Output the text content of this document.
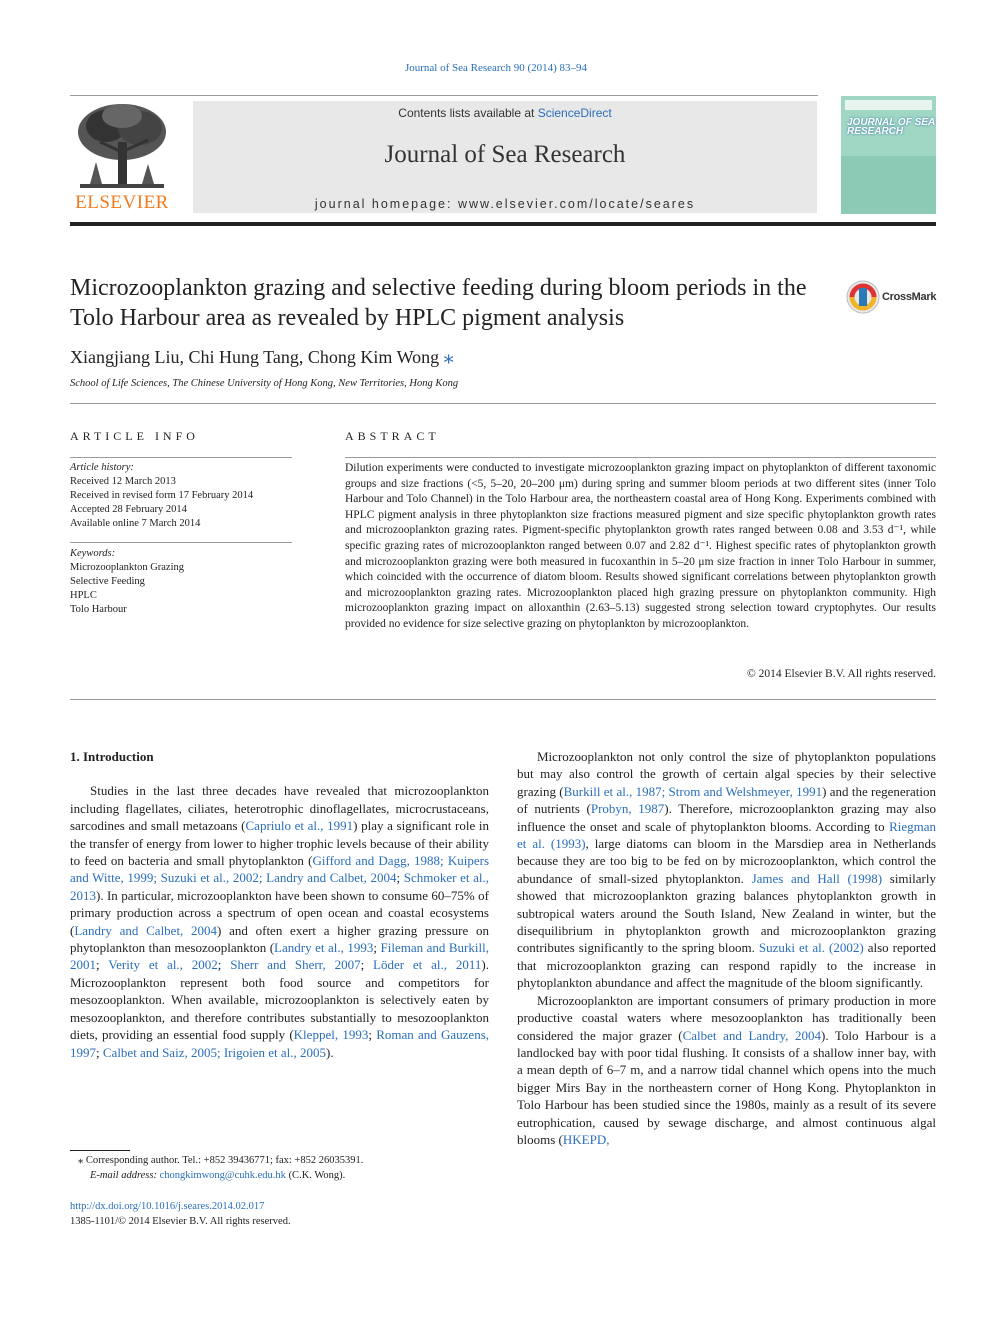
Journal of Sea Research 90 (2014) 83–94
ELSEVIER
Contents lists available at ScienceDirect
Journal of Sea Research
journal homepage: www.elsevier.com/locate/seares
JOURNAL OF SEA RESEARCH
Microzooplankton grazing and selective feeding during bloom periods in the Tolo Harbour area as revealed by HPLC pigment analysis
CrossMark
Xiangjiang Liu, Chi Hung Tang, Chong Kim Wong ⁎
School of Life Sciences, The Chinese University of Hong Kong, New Territories, Hong Kong
ARTICLE INFO	ABSTRACT
Article history:
Received 12 March 2013
Received in revised form 17 February 2014
Accepted 28 February 2014
Available online 7 March 2014
Keywords:
Microzooplankton Grazing
Selective Feeding
HPLC
Tolo Harbour
Dilution experiments were conducted to investigate microzooplankton grazing impact on phytoplankton of different taxonomic groups and size fractions (<5, 5–20, 20–200 μm) during spring and summer bloom periods at two different sites (inner Tolo Harbour and Tolo Channel) in the Tolo Harbour area, the northeastern coastal area of Hong Kong. Experiments combined with HPLC pigment analysis in three phytoplankton size fractions measured pigment and size specific phytoplankton growth rates and microzooplankton grazing rates. Pigment-specific phytoplankton growth rates ranged between 0.08 and 3.53 d⁻¹, while specific grazing rates of microzooplankton ranged between 0.07 and 2.82 d⁻¹. Highest specific rates of phytoplankton growth and microzooplankton grazing were both measured in fucoxanthin in 5–20 μm size fraction in inner Tolo Harbour in summer, which coincided with the occurrence of diatom bloom. Results showed significant correlations between phytoplankton growth and microzooplankton grazing rates. Microzooplankton placed high grazing pressure on phytoplankton community. High microzooplankton grazing impact on alloxanthin (2.63–5.13) suggested strong selection toward cryptophytes. Our results provided no evidence for size selective grazing on phytoplankton by microzooplankton.
© 2014 Elsevier B.V. All rights reserved.
1. Introduction

Studies in the last three decades have revealed that microzooplankton including flagellates, ciliates, heterotrophic dinoflagellates, microcrustaceans, sarcodines and small metazoans (Capriulo et al., 1991) play a significant role in the transfer of energy from lower to higher trophic levels because of their ability to feed on bacteria and small phytoplankton (Gifford and Dagg, 1988; Kuipers and Witte, 1999; Suzuki et al., 2002; Landry and Calbet, 2004; Schmoker et al., 2013). In particular, microzooplankton have been shown to consume 60–75% of primary production across a spectrum of open ocean and coastal ecosystems (Landry and Calbet, 2004) and often exert a higher grazing pressure on phytoplankton than mesozooplankton (Landry et al., 1993; Fileman and Burkill, 2001; Verity et al., 2002; Sherr and Sherr, 2007; Löder et al., 2011). Microzooplankton represent both food source and competitors for mesozooplankton. When available, microzooplankton is selectively eaten by mesozooplankton, and therefore contributes substantially to mesozooplankton diets, providing an essential food supply (Kleppel, 1993; Roman and Gauzens, 1997; Calbet and Saiz, 2005; Irigoien et al., 2005).

Microzooplankton not only control the size of phytoplankton populations but may also control the growth of certain algal species by their selective grazing (Burkill et al., 1987; Strom and Welshmeyer, 1991) and the regeneration of nutrients (Probyn, 1987). Therefore, microzooplankton grazing may also influence the onset and scale of phytoplankton blooms. According to Riegman et al. (1993), large diatoms can bloom in the Marsdiep area in Netherlands because they are too big to be fed on by microzooplankton, which control the abundance of small-sized phytoplankton. James and Hall (1998) similarly showed that microzooplankton grazing balances phytoplankton growth in subtropical waters around the South Island, New Zealand in winter, but the disequilibrium in phytoplankton growth and microzooplankton grazing contributes significantly to the spring bloom. Suzuki et al. (2002) also reported that microzooplankton grazing can respond rapidly to the increase in phytoplankton abundance and affect the magnitude of the bloom significantly.

Microzooplankton are important consumers of primary production in more productive coastal waters where mesozooplankton has traditionally been considered the major grazer (Calbet and Landry, 2004). Tolo Harbour is a landlocked bay with poor tidal flushing. It consists of a shallow inner bay, with a mean depth of 6–7 m, and a narrow tidal channel which opens into the much bigger Mirs Bay in the northeastern corner of Hong Kong. Phytoplankton in Tolo Harbour has been studied since the 1980s, mainly as a result of its severe eutrophication, caused by sewage discharge, and almost continuous algal blooms (HKEPD,

⁎ Corresponding author. Tel.: +852 39436771; fax: +852 26035391.
E-mail address: chongkimwong@cuhk.edu.hk (C.K. Wong).
http://dx.doi.org/10.1016/j.seares.2014.02.017
1385-1101/© 2014 Elsevier B.V. All rights reserved.
